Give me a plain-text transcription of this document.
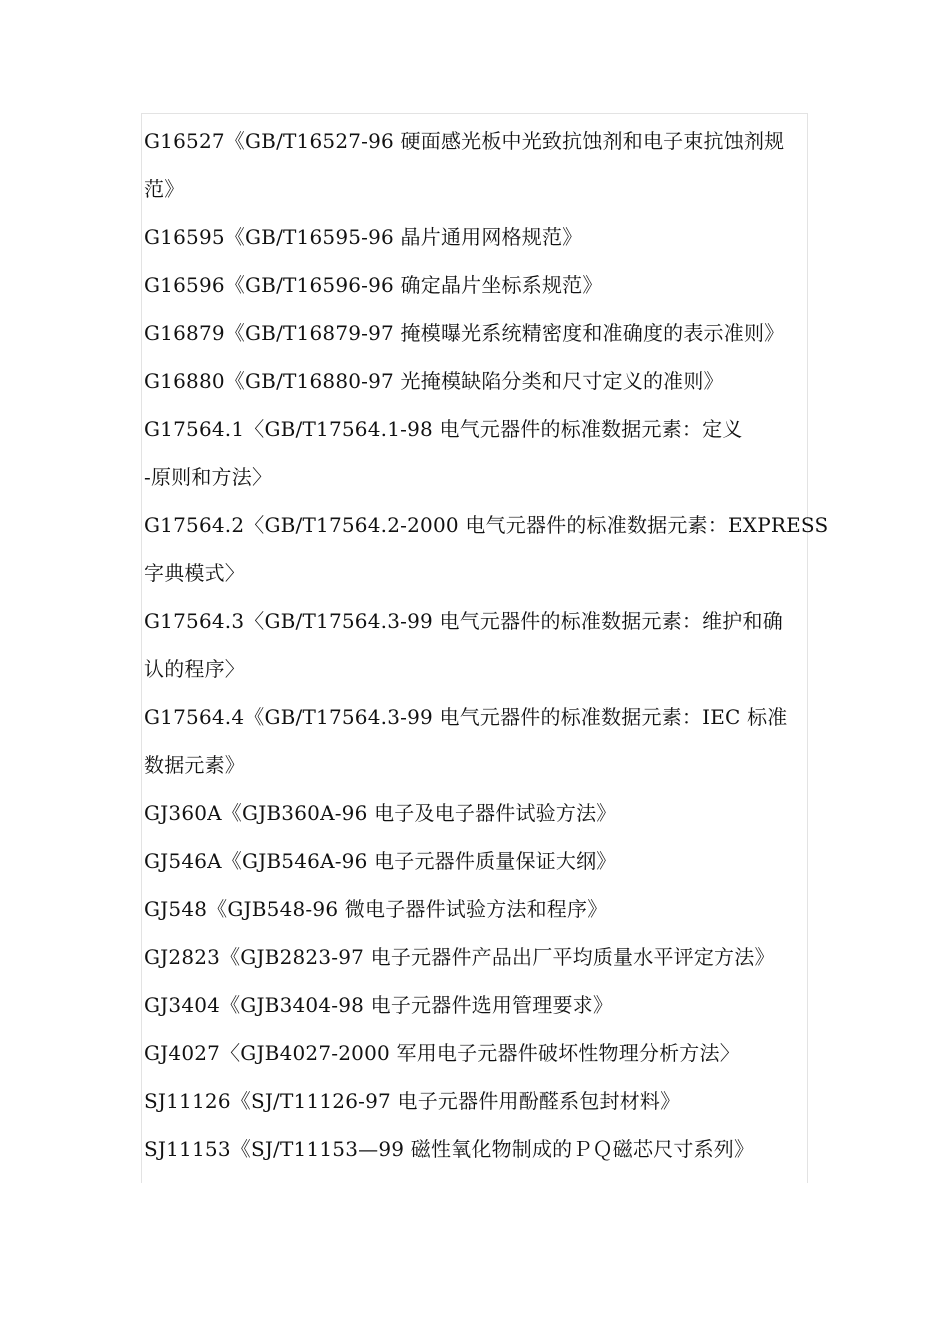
G16527《GB/T16527-96 硬面感光板中光致抗蚀剂和电子束抗蚀剂规
范》
G16595《GB/T16595-96 晶片通用网格规范》
G16596《GB/T16596-96 确定晶片坐标系规范》
G16879《GB/T16879-97 掩模曝光系统精密度和准确度的表示准则》
G16880《GB/T16880-97 光掩模缺陷分类和尺寸定义的准则》
G17564.1〈GB/T17564.1-98 电气元器件的标准数据元素：定义
-原则和方法〉
G17564.2〈GB/T17564.2-2000 电气元器件的标准数据元素：EXPRESS
字典模式〉
G17564.3〈GB/T17564.3-99 电气元器件的标准数据元素：维护和确
认的程序〉
G17564.4《GB/T17564.3-99 电气元器件的标准数据元素：IEC 标准
数据元素》
GJ360A《GJB360A-96 电子及电子器件试验方法》
GJ546A《GJB546A-96 电子元器件质量保证大纲》
GJ548《GJB548-96 微电子器件试验方法和程序》
GJ2823《GJB2823-97 电子元器件产品出厂平均质量水平评定方法》
GJ3404《GJB3404-98 电子元器件选用管理要求》
GJ4027〈GJB4027-2000 军用电子元器件破坏性物理分析方法〉
SJ11126《SJ/T11126-97 电子元器件用酚醛系包封材料》
SJ11153《SJ/T11153—99 磁性氧化物制成的ＰＱ磁芯尺寸系列》
